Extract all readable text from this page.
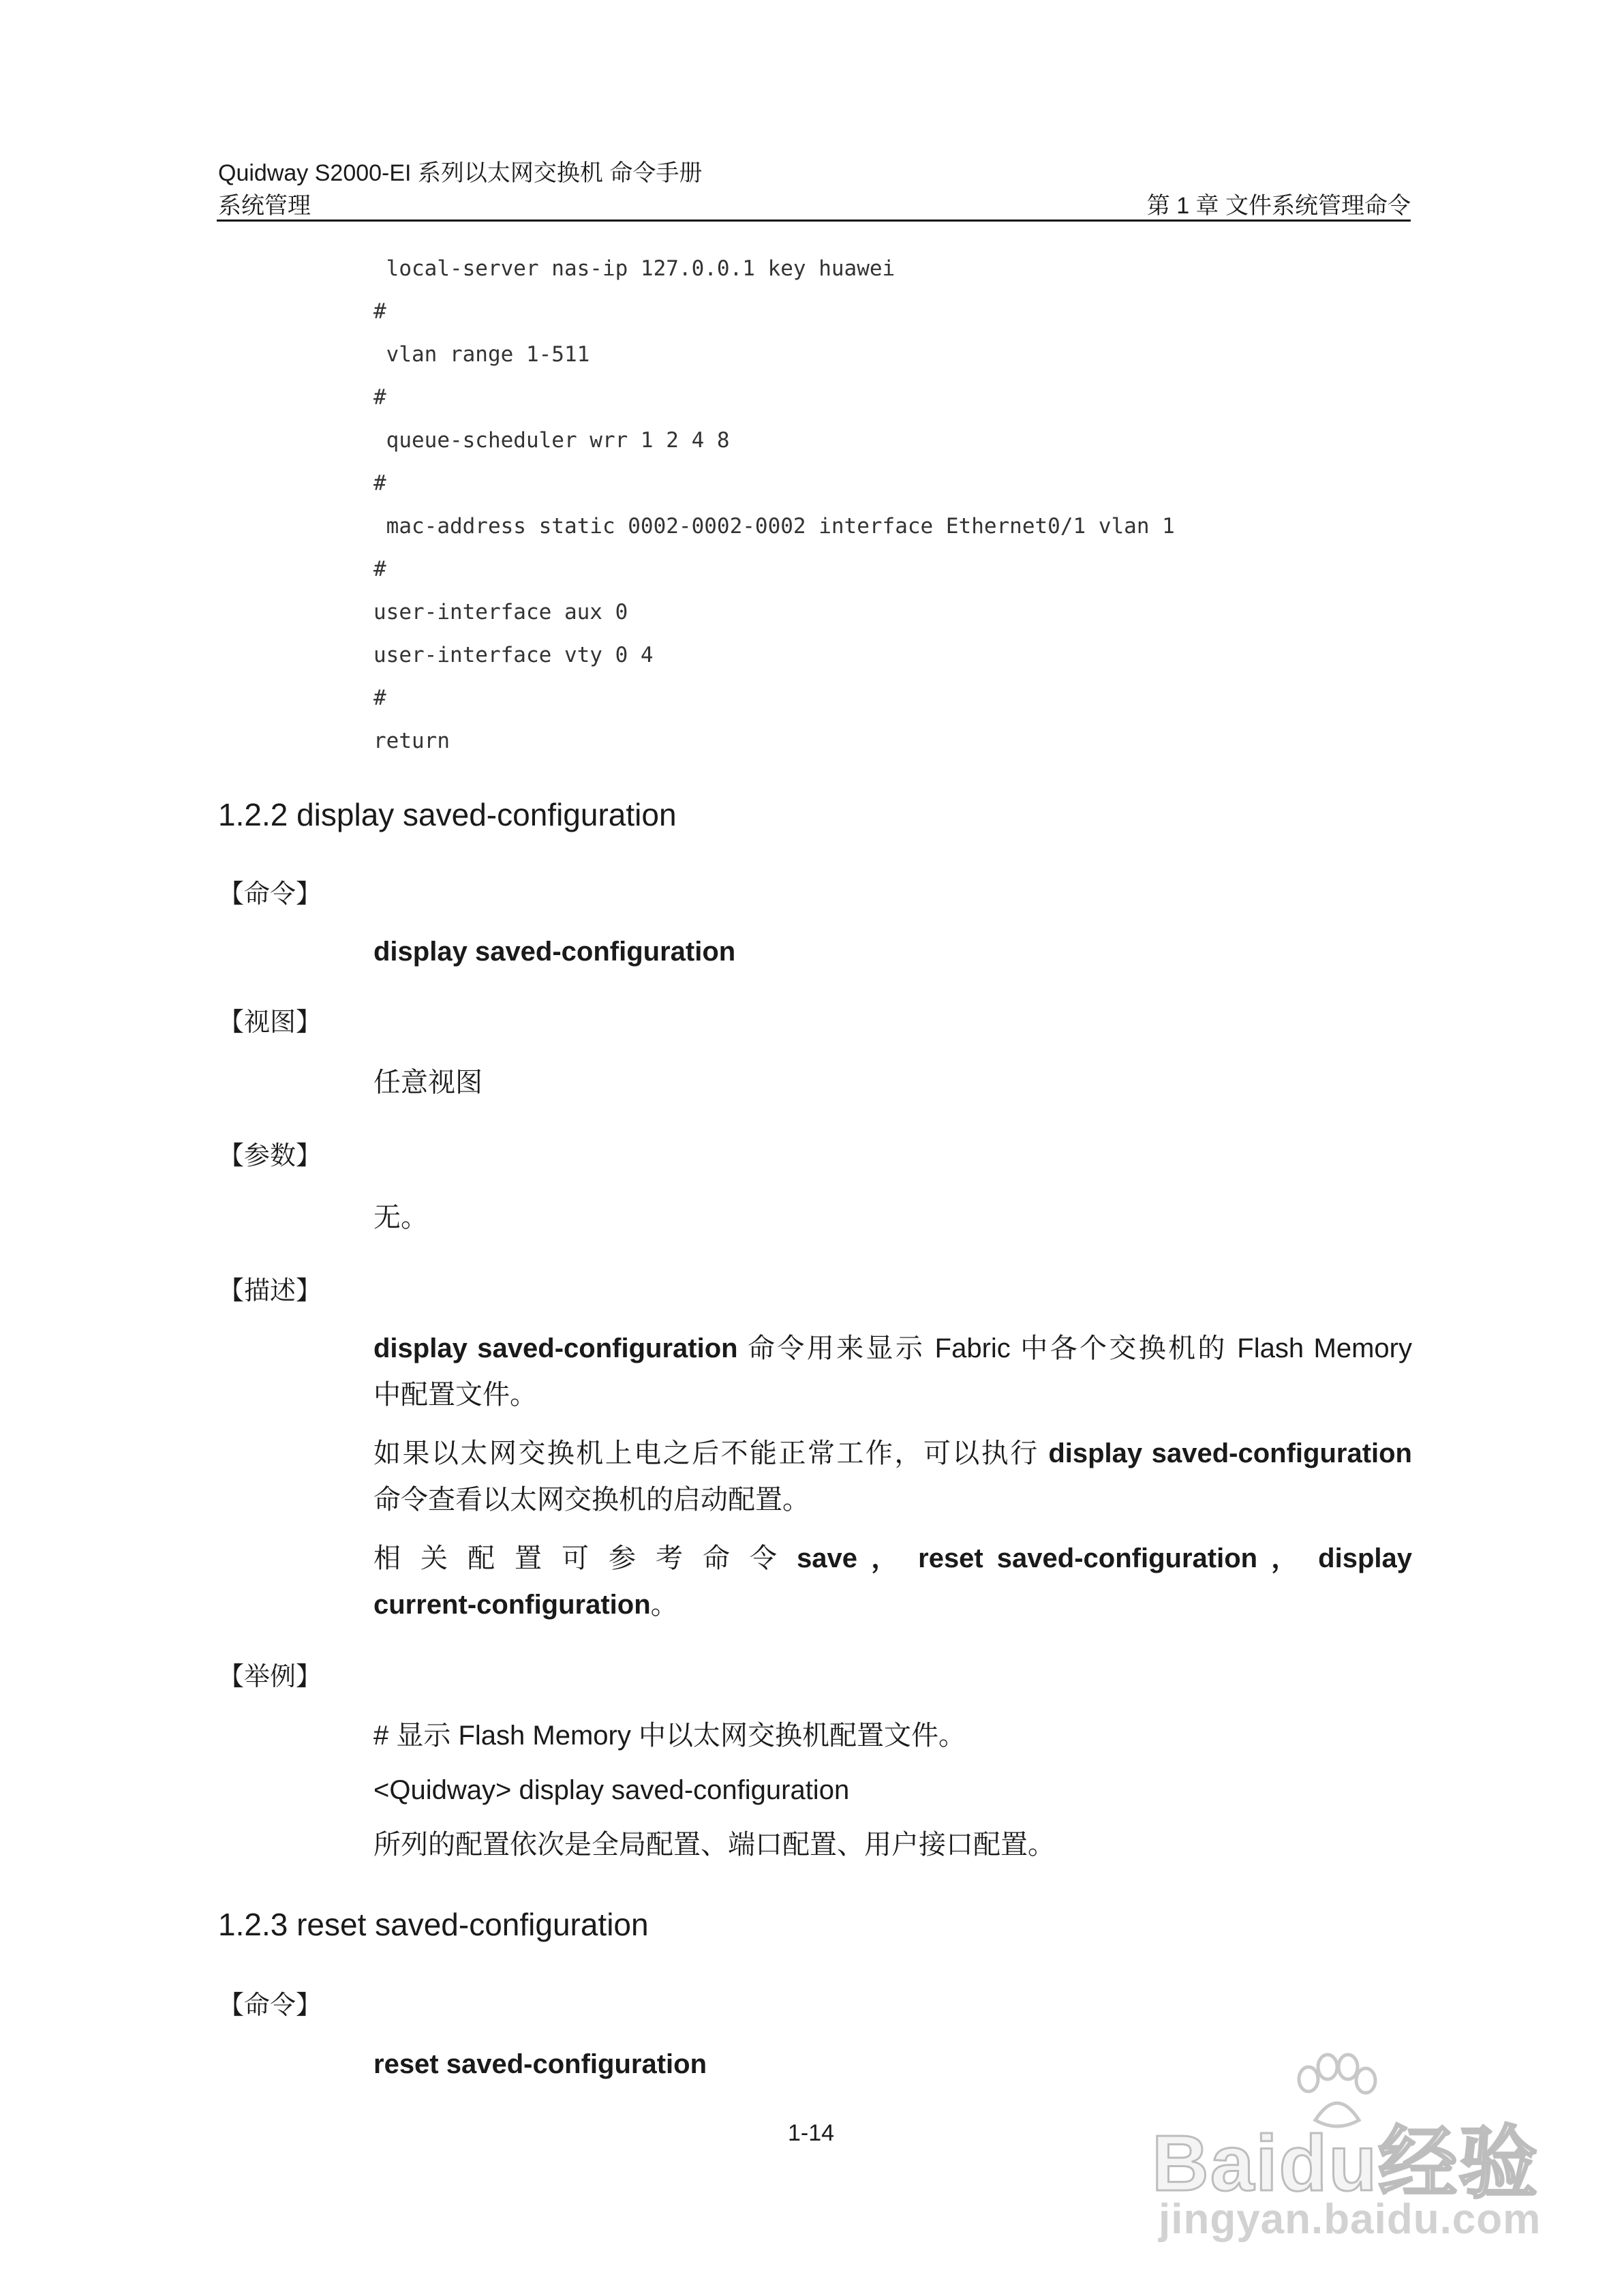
Quidway S2000-EI 系列以太网交换机 命令手册
系统管理	第 1 章 文件系统管理命令
local-server nas-ip 127.0.0.1 key huawei
#
vlan range 1-511
#
queue-scheduler wrr 1 2 4 8
#
mac-address static 0002-0002-0002 interface Ethernet0/1 vlan 1
#
user-interface aux 0
user-interface vty 0 4
#
return
1.2.2 display saved-configuration
【命令】
display saved-configuration
【视图】
任意视图
【参数】
无。
【描述】
display saved-configuration 命令用来显示 Fabric 中各个交换机的 Flash Memory
中配置文件。
如果以太网交换机上电之后不能正常工作，可以执行 display saved-configuration
命令查看以太网交换机的启动配置。
相 关 配 置 可 参 考 命 令 save ， reset saved-configuration ， display
current-configuration。
【举例】
# 显示 Flash Memory 中以太网交换机配置文件。
<Quidway> display saved-configuration
所列的配置依次是全局配置、端口配置、用户接口配置。
1.2.3 reset saved-configuration
【命令】
reset saved-configuration
1-14	Baidu经验
jingyan.baidu.com
